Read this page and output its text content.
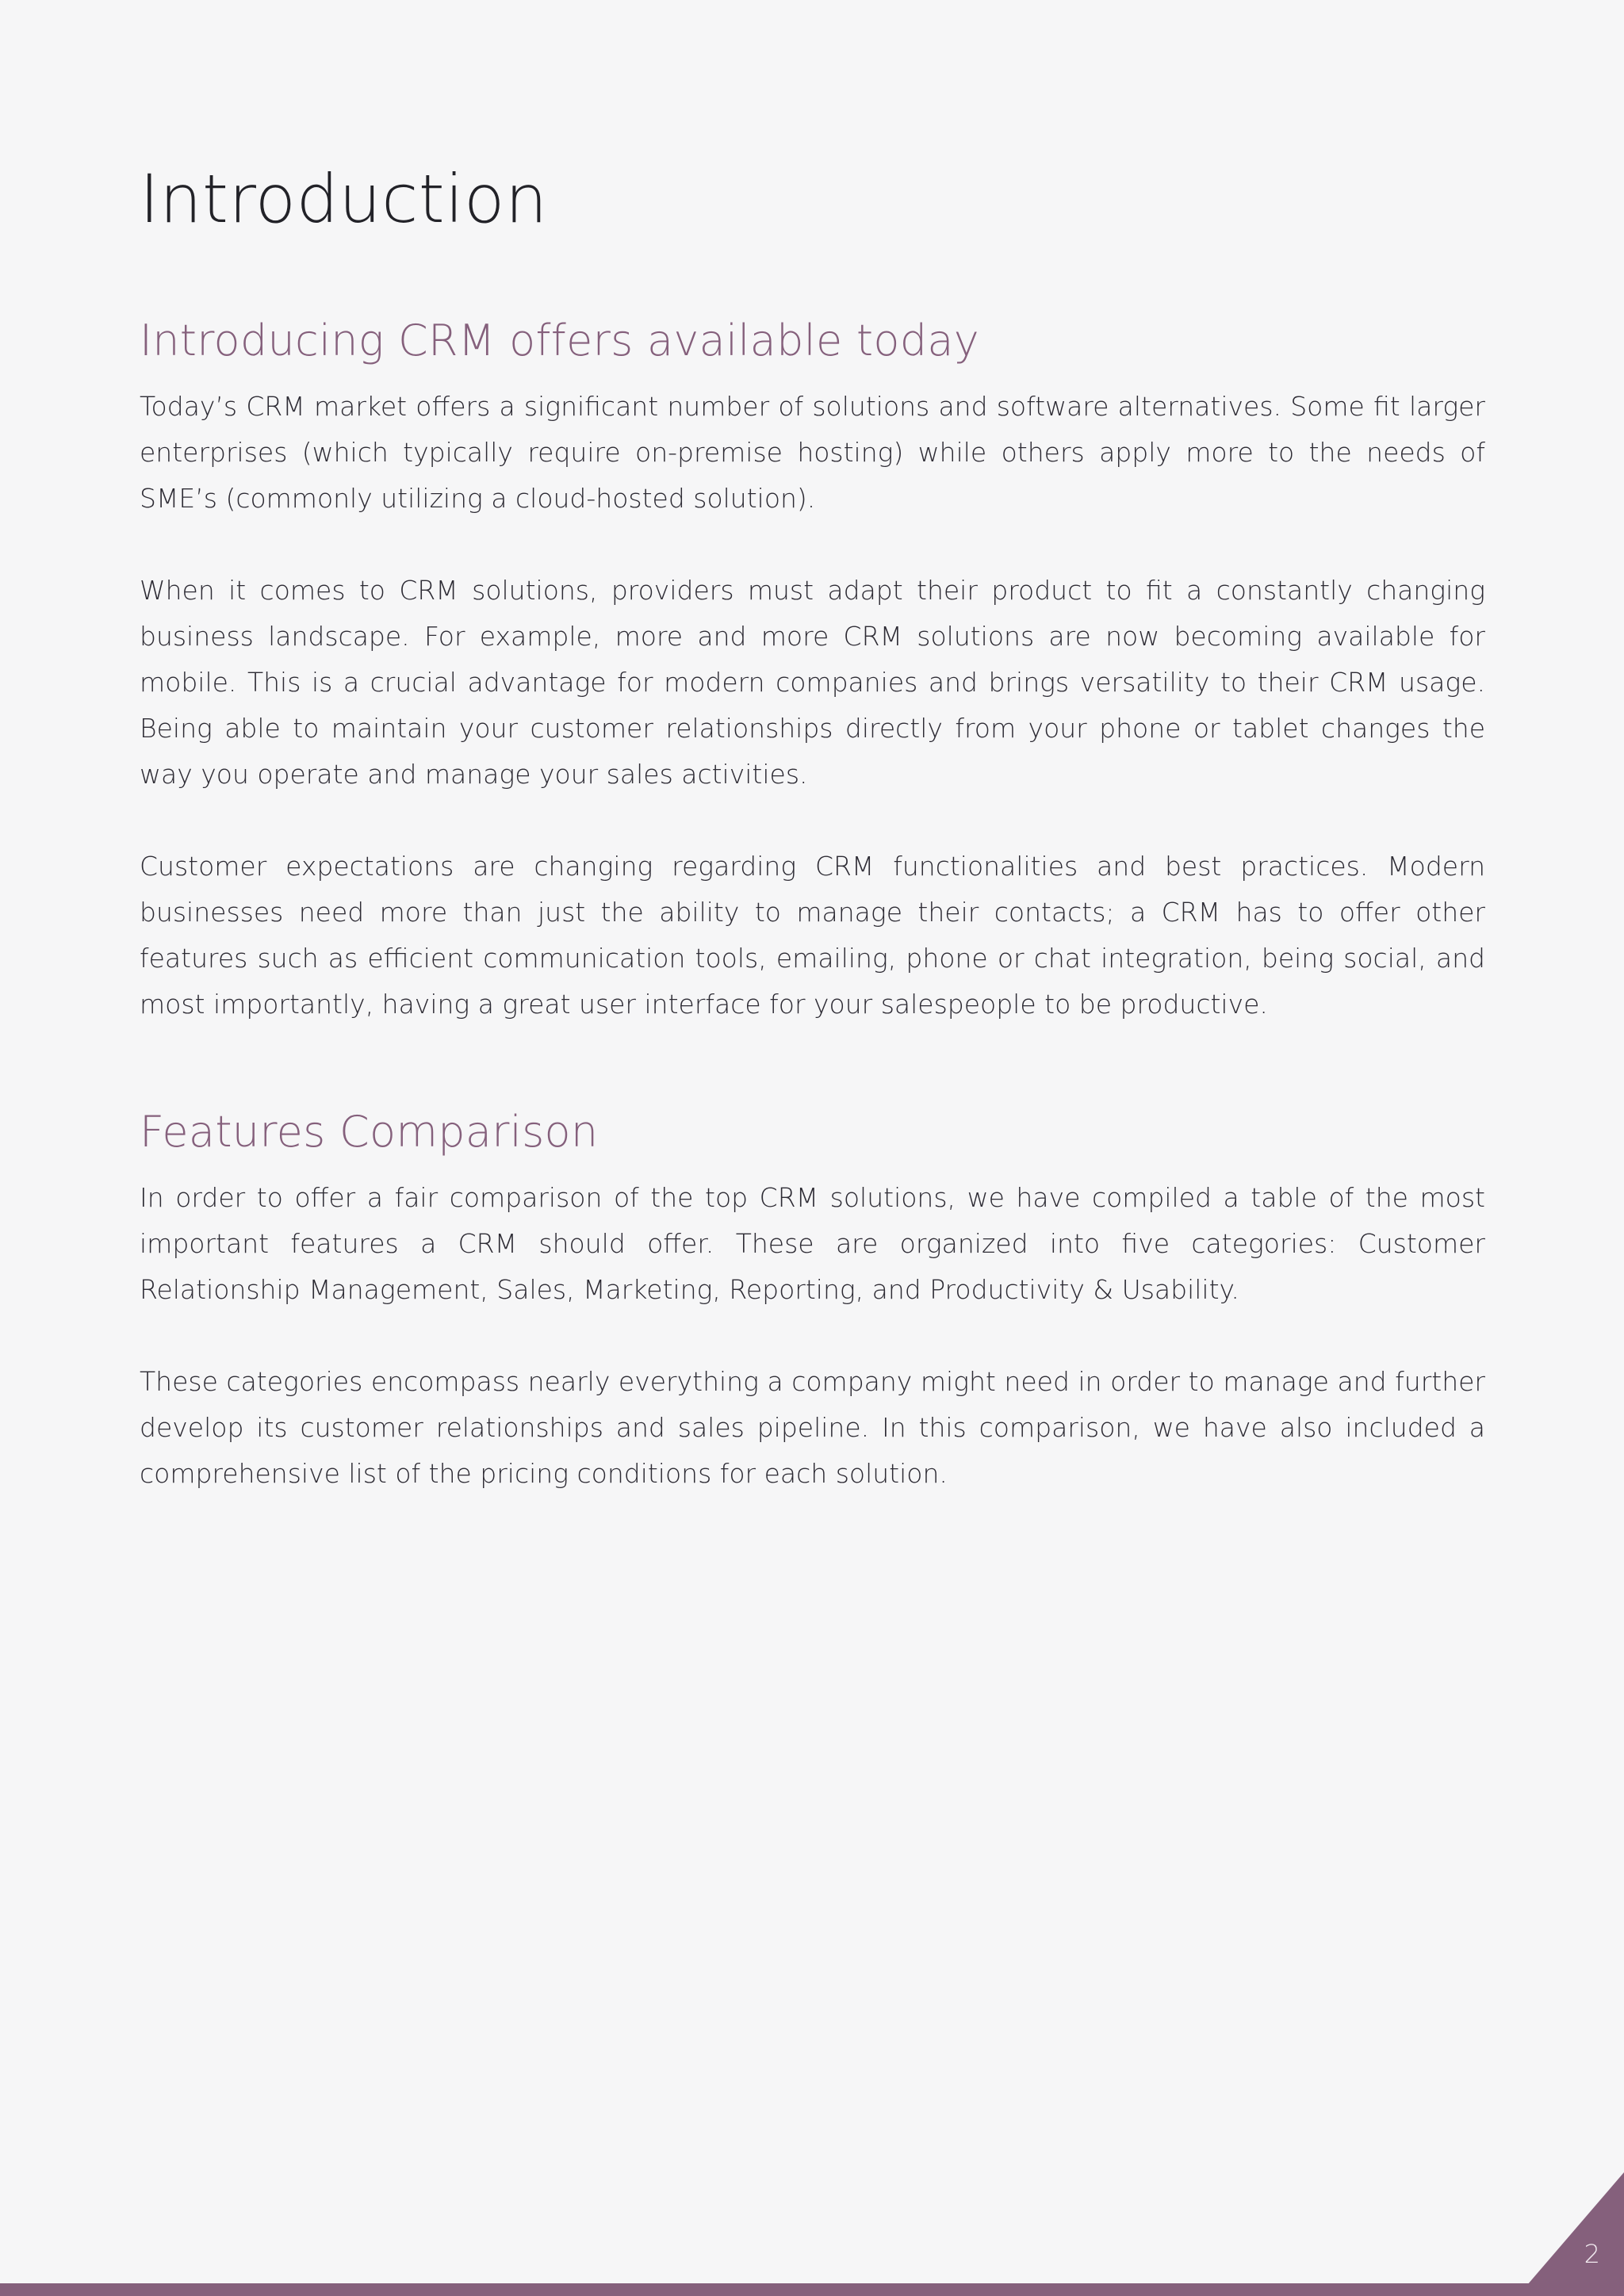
Introduction
Introducing CRM offers available today

Today’s CRM market offers a significant number of solutions and software alternatives. Some fit larger enterprises (which typically require on-premise hosting) while others apply more to the needs of SME’s (commonly utilizing a cloud-hosted solution).

When it comes to CRM solutions, providers must adapt their product to fit a constantly changing business landscape. For example, more and more CRM solutions are now becoming available for mobile. This is a crucial advantage for modern companies and brings versatility to their CRM usage. Being able to maintain your customer relationships directly from your phone or tablet changes the way you operate and manage your sales activities.

Customer expectations are changing regarding CRM functionalities and best practices. Modern businesses need more than just the ability to manage their contacts; a CRM has to offer other features such as efficient communication tools, emailing, phone or chat integration, being social, and most importantly, having a great user interface for your salespeople to be productive.

Features Comparison

In order to offer a fair comparison of the top CRM solutions, we have compiled a table of the most important features a CRM should offer. These are organized into five categories: Customer Relationship Management, Sales, Marketing, Reporting, and Productivity & Usability.

These categories encompass nearly everything a company might need in order to manage and further develop its customer relationships and sales pipeline. In this comparison, we have also included a comprehensive list of the pricing conditions for each solution.

2
